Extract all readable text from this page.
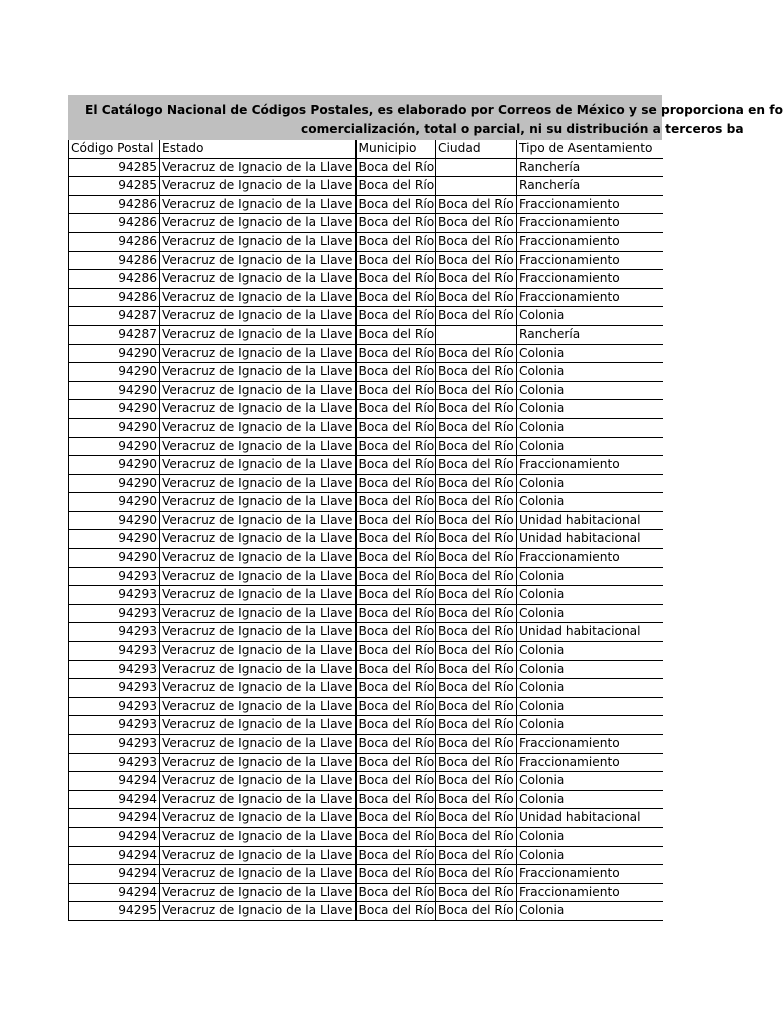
El Catálogo Nacional de Códigos Postales, es elaborado por Correos de México y se proporciona en fo
comercialización, total o parcial, ni su distribución a terceros ba
Código Postal	Estado	Municipio	Ciudad	Tipo de Asentamiento
94285	Veracruz de Ignacio de la Llave	Boca del Río		Ranchería
94285	Veracruz de Ignacio de la Llave	Boca del Río		Ranchería
94286	Veracruz de Ignacio de la Llave	Boca del Río	Boca del Río	Fraccionamiento
94286	Veracruz de Ignacio de la Llave	Boca del Río	Boca del Río	Fraccionamiento
94286	Veracruz de Ignacio de la Llave	Boca del Río	Boca del Río	Fraccionamiento
94286	Veracruz de Ignacio de la Llave	Boca del Río	Boca del Río	Fraccionamiento
94286	Veracruz de Ignacio de la Llave	Boca del Río	Boca del Río	Fraccionamiento
94286	Veracruz de Ignacio de la Llave	Boca del Río	Boca del Río	Fraccionamiento
94287	Veracruz de Ignacio de la Llave	Boca del Río	Boca del Río	Colonia
94287	Veracruz de Ignacio de la Llave	Boca del Río		Ranchería
94290	Veracruz de Ignacio de la Llave	Boca del Río	Boca del Río	Colonia
94290	Veracruz de Ignacio de la Llave	Boca del Río	Boca del Río	Colonia
94290	Veracruz de Ignacio de la Llave	Boca del Río	Boca del Río	Colonia
94290	Veracruz de Ignacio de la Llave	Boca del Río	Boca del Río	Colonia
94290	Veracruz de Ignacio de la Llave	Boca del Río	Boca del Río	Colonia
94290	Veracruz de Ignacio de la Llave	Boca del Río	Boca del Río	Colonia
94290	Veracruz de Ignacio de la Llave	Boca del Río	Boca del Río	Fraccionamiento
94290	Veracruz de Ignacio de la Llave	Boca del Río	Boca del Río	Colonia
94290	Veracruz de Ignacio de la Llave	Boca del Río	Boca del Río	Colonia
94290	Veracruz de Ignacio de la Llave	Boca del Río	Boca del Río	Unidad habitacional
94290	Veracruz de Ignacio de la Llave	Boca del Río	Boca del Río	Unidad habitacional
94290	Veracruz de Ignacio de la Llave	Boca del Río	Boca del Río	Fraccionamiento
94293	Veracruz de Ignacio de la Llave	Boca del Río	Boca del Río	Colonia
94293	Veracruz de Ignacio de la Llave	Boca del Río	Boca del Río	Colonia
94293	Veracruz de Ignacio de la Llave	Boca del Río	Boca del Río	Colonia
94293	Veracruz de Ignacio de la Llave	Boca del Río	Boca del Río	Unidad habitacional
94293	Veracruz de Ignacio de la Llave	Boca del Río	Boca del Río	Colonia
94293	Veracruz de Ignacio de la Llave	Boca del Río	Boca del Río	Colonia
94293	Veracruz de Ignacio de la Llave	Boca del Río	Boca del Río	Colonia
94293	Veracruz de Ignacio de la Llave	Boca del Río	Boca del Río	Colonia
94293	Veracruz de Ignacio de la Llave	Boca del Río	Boca del Río	Colonia
94293	Veracruz de Ignacio de la Llave	Boca del Río	Boca del Río	Fraccionamiento
94293	Veracruz de Ignacio de la Llave	Boca del Río	Boca del Río	Fraccionamiento
94294	Veracruz de Ignacio de la Llave	Boca del Río	Boca del Río	Colonia
94294	Veracruz de Ignacio de la Llave	Boca del Río	Boca del Río	Colonia
94294	Veracruz de Ignacio de la Llave	Boca del Río	Boca del Río	Unidad habitacional
94294	Veracruz de Ignacio de la Llave	Boca del Río	Boca del Río	Colonia
94294	Veracruz de Ignacio de la Llave	Boca del Río	Boca del Río	Colonia
94294	Veracruz de Ignacio de la Llave	Boca del Río	Boca del Río	Fraccionamiento
94294	Veracruz de Ignacio de la Llave	Boca del Río	Boca del Río	Fraccionamiento
94295	Veracruz de Ignacio de la Llave	Boca del Río	Boca del Río	Colonia
